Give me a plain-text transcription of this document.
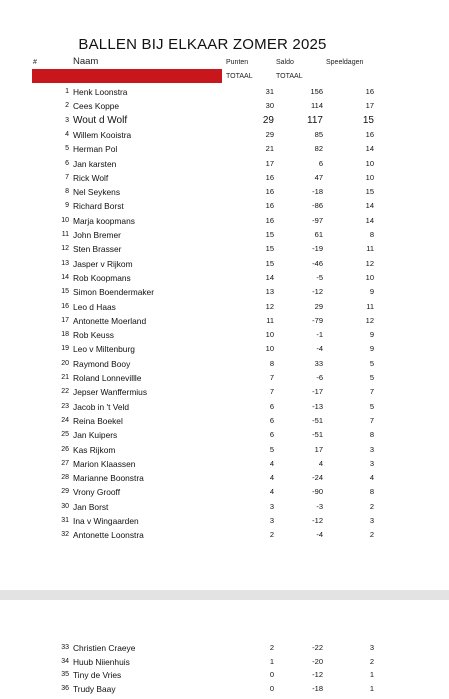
BALLEN BIJ ELKAAR ZOMER 2025
#	Naam	Punten	Saldo	Speeldagen
TOTAAL	TOTAAL
1 Henk Loonstra	31	156	16
2 Cees Koppe	30	114	17
3 Wout d Wolf	29	117	15
4 Willem Kooistra	29	85	16
5 Herman Pol	21	82	14
6 Jan karsten	17	6	10
7 Rick Wolf	16	47	10
8 Nel Seykens	16	-18	15
9 Richard Borst	16	-86	14
10 Marja koopmans	16	-97	14
11 John Bremer	15	61	8
12 Sten Brasser	15	-19	11
13 Jasper v Rijkom	15	-46	12
14 Rob Koopmans	14	-5	10
15 Simon Boendermaker	13	-12	9
16 Leo d Haas	12	29	11
17 Antonette Moerland	11	-79	12
18 Rob Keuss	10	-1	9
19 Leo v Miltenburg	10	-4	9
20 Raymond Booy	8	33	5
21 Roland Lonnevillle	7	-6	5
22 Jepser Wanffermius	7	-17	7
23 Jacob in 't Veld	6	-13	5
24 Reina Boekel	6	-51	7
25 Jan Kuipers	6	-51	8
26 Kas Rijkom	5	17	3
27 Marion Klaassen	4	4	3
28 Marianne Boonstra	4	-24	4
29 Vrony Grooff	4	-90	8
30 Jan Borst	3	-3	2
31 Ina v Wingaarden	3	-12	3
32 Antonette Loonstra	2	-4	2
33 Christien Craeye	2	-22	3
34 Huub Niienhuis	1	-20	2
35 Tiny de Vries	0	-12	1
36 Trudy Baay	0	-18	1
